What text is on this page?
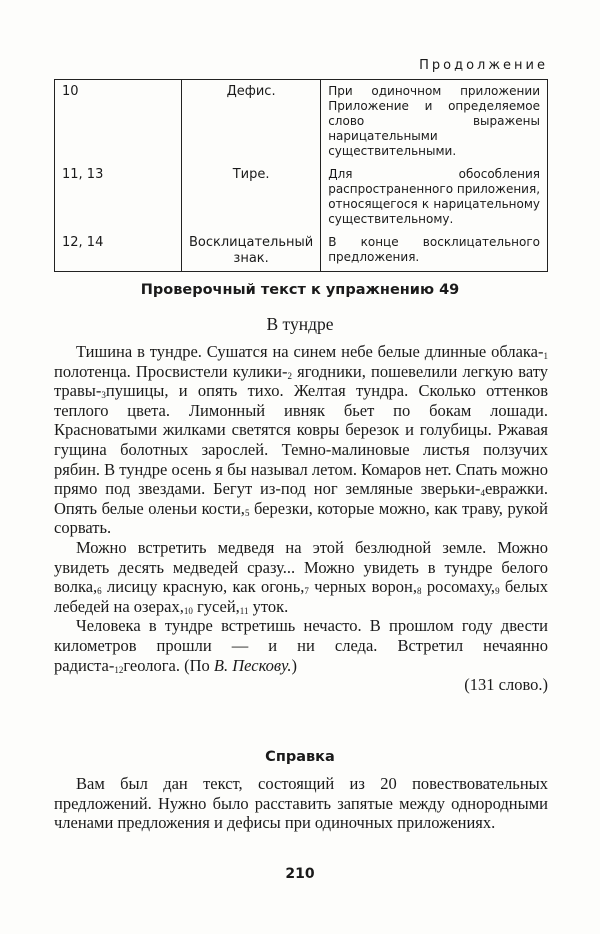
Продолжение
10	Дефис.	При одиночном приложении Приложение и определяемое слово выражены нарицательными существительными.
11, 13	Тире.	Для обособления распространенного приложения, относящегося к нарицательному существительному.
12, 14	Восклицательный знак.	В конце восклицательного предложения.
Проверочный текст к упражнению 49
В тундре

Тишина в тундре. Сушатся на синем небе белые длинные облака-$_1$ полотенца. Просвистели кулики-$_2$ ягодники, пошевелили легкую вату травы-$_3пушицы$, и опять тихо. Желтая тундра. Сколько оттенков теплого цвета. Лимонный ивняк бьет по бокам лошади. Красноватыми жилками светятся ковры березок и голубицы. Ржавая гущина болотных зарослей. Темно-малиновые листья ползучих рябин. В тундре осень я бы называл летом. Комаров нет. Спать можно прямо под звездами. Бегут из-под ног земляные зверьки-$_4евражки$. Опять белые оленьи $кости,_5$ березки, которые можно, как траву, рукой сорвать.

Можно встретить медведя на этой безлюдной земле. Можно увидеть десять медведей сразу... Можно увидеть в тундре белого $волка,_6$ лисицу красную, как $огонь,_7$ черных $ворон,_8$ $росомаху,_9$ белых лебедей на $озерах,_{10}$ $гусей,_{11}$ уток.

Человека в тундре встретишь нечасто. В прошлом году двести километров прошли — и ни следа. Встретил нечаянно радиста-$_{12}геолога$. (По В. Пескову.)

(131 слово.)

Справка

Вам был дан текст, состоящий из 20 повествовательных предложений. Нужно было расставить запятые между однородными членами предложения и дефисы при одиночных приложениях.

210
